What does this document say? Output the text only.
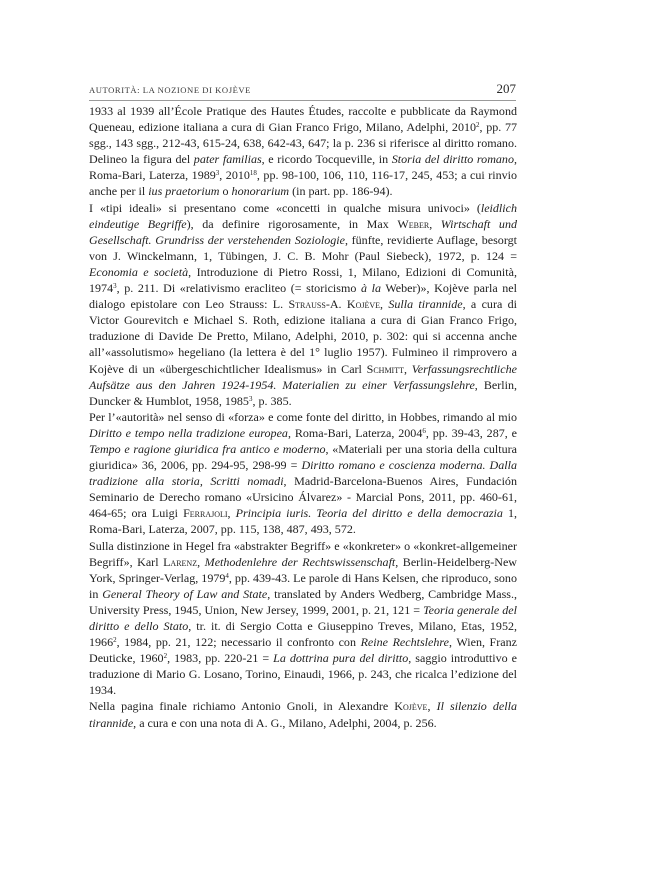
AUTORITÀ: LA NOZIONE DI KOJÈVE	207

1933 al 1939 all’École Pratique des Hautes Études, raccolte e pubblicate da Raymond Queneau, edizione italiana a cura di Gian Franco Frigo, Milano, Adelphi, 2010$^2$, pp. 77 sgg., 143 sgg., 212-43, 615-24, 638, 642-43, 647; la p. 236 si riferisce al diritto romano. Delineo la figura del pater familias, e ricordo Tocqueville, in Storia del diritto romano, Roma-Bari, Laterza, 1989$^3$, 2010$^{18}$, pp. 98-100, 106, 110, 116-17, 245, 453; a cui rinvio anche per il ius praetorium o honorarium (in part. pp. 186-94).

I «tipi ideali» si presentano come «concetti in qualche misura univoci» (leidlich eindeutige Begriffe), da definire rigorosamente, in Max Weber, Wirtschaft und Gesellschaft. Grundriss der verstehenden Soziologie, fünfte, revidierte Auflage, besorgt von J. Winckelmann, 1, Tübingen, J. C. B. Mohr (Paul Siebeck), 1972, p. 124 = Economia e società, Introduzione di Pietro Rossi, 1, Milano, Edizioni di Comunità, 1974$^3$, p. 211. Di «relativismo eracliteo (= storicismo à la Weber)», Kojève parla nel dialogo epistolare con Leo Strauss: L. Strauss-A. Kojève, Sulla tirannide, a cura di Victor Gourevitch e Michael S. Roth, edizione italiana a cura di Gian Franco Frigo, traduzione di Davide De Pretto, Milano, Adelphi, 2010, p. 302: qui si accenna anche all’«assolutismo» hegeliano (la lettera è del 1° luglio 1957). Fulmineo il rimprovero a Kojève di un «übergeschichtlicher Idealismus» in Carl Schmitt, Verfassungsrechtliche Aufsätze aus den Jahren 1924-1954. Materialien zu einer Verfassungslehre, Berlin, Duncker & Humblot, 1958, 1985$^3$, p. 385.

Per l’«autorità» nel senso di «forza» e come fonte del diritto, in Hobbes, rimando al mio Diritto e tempo nella tradizione europea, Roma-Bari, Laterza, 2004$^6$, pp. 39-43, 287, e Tempo e ragione giuridica fra antico e moderno, «Materiali per una storia della cultura giuridica» 36, 2006, pp. 294-95, 298-99 = Diritto romano e coscienza moderna. Dalla tradizione alla storia, Scritti nomadi, Madrid-Barcelona-Buenos Aires, Fundación Seminario de Derecho romano «Ursicino Álvarez» - Marcial Pons, 2011, pp. 460-61, 464-65; ora Luigi Ferrajoli, Principia iuris. Teoria del diritto e della democrazia 1, Roma-Bari, Laterza, 2007, pp. 115, 138, 487, 493, 572.

Sulla distinzione in Hegel fra «abstrakter Begriff» e «konkreter» o «konkret-allgemeiner Begriff», Karl Larenz, Methodenlehre der Rechtswissenschaft, Berlin-Heidelberg-New York, Springer-Verlag, 1979$^4$, pp. 439-43. Le parole di Hans Kelsen, che riproduco, sono in General Theory of Law and State, translated by Anders Wedberg, Cambridge Mass., University Press, 1945, Union, New Jersey, 1999, 2001, p. 21, 121 = Teoria generale del diritto e dello Stato, tr. it. di Sergio Cotta e Giuseppino Treves, Milano, Etas, 1952, 1966$^2$, 1984, pp. 21, 122; necessario il confronto con Reine Rechtslehre, Wien, Franz Deuticke, 1960$^2$, 1983, pp. 220-21 = La dottrina pura del diritto, saggio introduttivo e traduzione di Mario G. Losano, Torino, Einaudi, 1966, p. 243, che ricalca l’edizione del 1934.

Nella pagina finale richiamo Antonio Gnoli, in Alexandre Kojève, Il silenzio della tirannide, a cura e con una nota di A. G., Milano, Adelphi, 2004, p. 256.
